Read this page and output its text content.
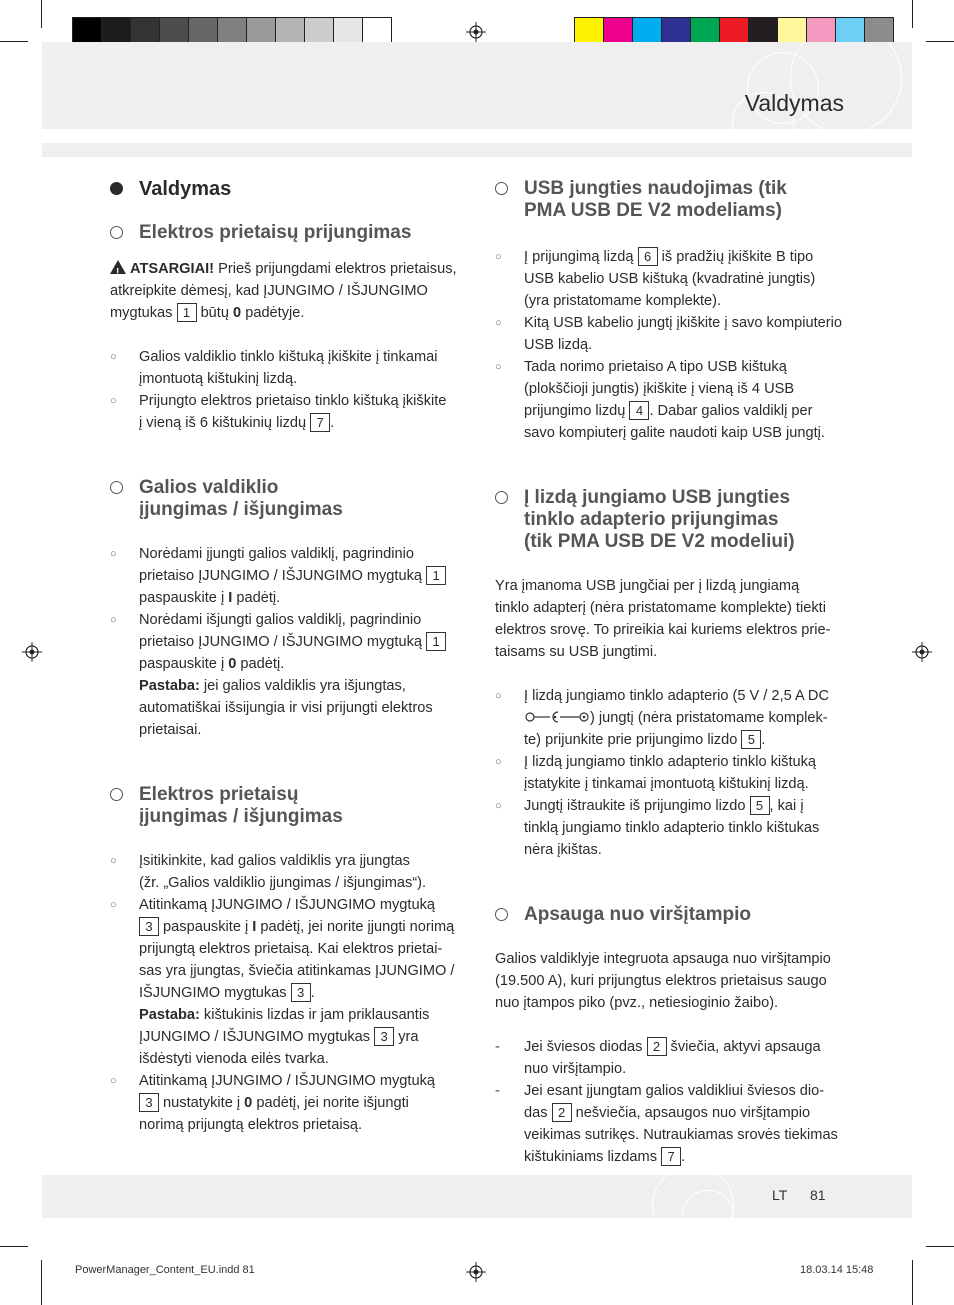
Valdymas
Valdymas
Elektros prietaisų prijungimas

!ATSARGIAI! Prieš prijungdami elektros prietaisus,
atkreipkite dėmesį, kad ĮJUNGIMO / IŠJUNGIMO
mygtukas 1 būtų 0 padėtyje.

○ Galios valdiklio tinklo kištuką įkiškite į tinkamai
įmontuotą kištukinį lizdą.
○ Prijungto elektros prietaiso tinklo kištuką įkiškite
į vieną iš 6 kištukinių lizdų 7 .
Galios valdiklio
įjungimas / išjungimas
○ Norėdami įjungti galios valdiklį, pagrindinio
prietaiso ĮJUNGIMO / IŠJUNGIMO mygtuką 1
paspauskite į I padėtį.
○ Norėdami išjungti galios valdiklį, pagrindinio
prietaiso ĮJUNGIMO / IŠJUNGIMO mygtuką 1
paspauskite į 0 padėtį.
Pastaba: jei galios valdiklis yra išjungtas,
automatiškai išsijungia ir visi prijungti elektros
prietaisai.
Elektros prietaisų
įjungimas / išjungimas
○ Įsitikinkite, kad galios valdiklis yra įjungtas
(žr. „Galios valdiklio įjungimas / išjungimas“).
○ Atitinkamą ĮJUNGIMO / IŠJUNGIMO mygtuką
3 paspauskite į I padėtį, jei norite įjungti norimą
prijungtą elektros prietaisą. Kai elektros prietai-
sas yra įjungtas, šviečia atitinkamas ĮJUNGIMO /
IŠJUNGIMO mygtukas 3 .
Pastaba: kištukinis lizdas ir jam priklausantis
ĮJUNGIMO / IŠJUNGIMO mygtukas 3 yra
išdėstyti vienoda eilės tvarka.
○ Atitinkamą ĮJUNGIMO / IŠJUNGIMO mygtuką
3 nustatykite į 0 padėtį, jei norite išjungti
norimą prijungtą elektros prietaisą.
USB jungties naudojimas (tik
PMA USB DE V2 modeliams)
○ Į prijungimą lizdą 6 iš pradžių įkiškite B tipo
USB kabelio USB kištuką (kvadratinė jungtis)
(yra pristatomame komplekte).
○ Kitą USB kabelio jungtį įkiškite į savo kompiuterio
USB lizdą.
○ Tada norimo prietaiso A tipo USB kištuką
(plokščioji jungtis) įkiškite į vieną iš 4 USB
prijungimo lizdų 4 . Dabar galios valdiklį per
savo kompiuterį galite naudoti kaip USB jungtį.
Į lizdą jungiamo USB jungties
tinklo adapterio prijungimas
(tik PMA USB DE V2 modeliui)

Yra įmanoma USB jungčiai per į lizdą jungiamą
tinklo adapterį (nėra pristatomame komplekte) tiekti
elektros srovę. To prireikia kai kuriems elektros prie-
taisams su USB jungtimi.

○ Į lizdą jungiamo tinklo adapterio (5 V / 2,5 A DC
) jungtį (nėra pristatomame komplek-
te) prijunkite prie prijungimo lizdo 5 .
○ Į lizdą jungiamo tinklo adapterio tinklo kištuką
įstatykite į tinkamai įmontuotą kištukinį lizdą.
○ Jungtį ištraukite iš prijungimo lizdo 5 , kai į
tinklą jungiamo tinklo adapterio tinklo kištukas
nėra įkištas.
Apsauga nuo viršįtampio

Galios valdiklyje integruota apsauga nuo viršįtampio
(19.500 A), kuri prijungtus elektros prietaisus saugo
nuo įtampos piko (pvz., netiesioginio žaibo).

- Jei šviesos diodas 2 šviečia, aktyvi apsauga
nuo viršįtampio.
- Jei esant įjungtam galios valdikliui šviesos dio-
das 2 nešviečia, apsaugos nuo viršįtampio
veikimas sutrikęs. Nutraukiamas srovės tiekimas
kištukiniams lizdams 7 .
LT 81
PowerManager_Content_EU.indd 81	18.03.14 15:48
